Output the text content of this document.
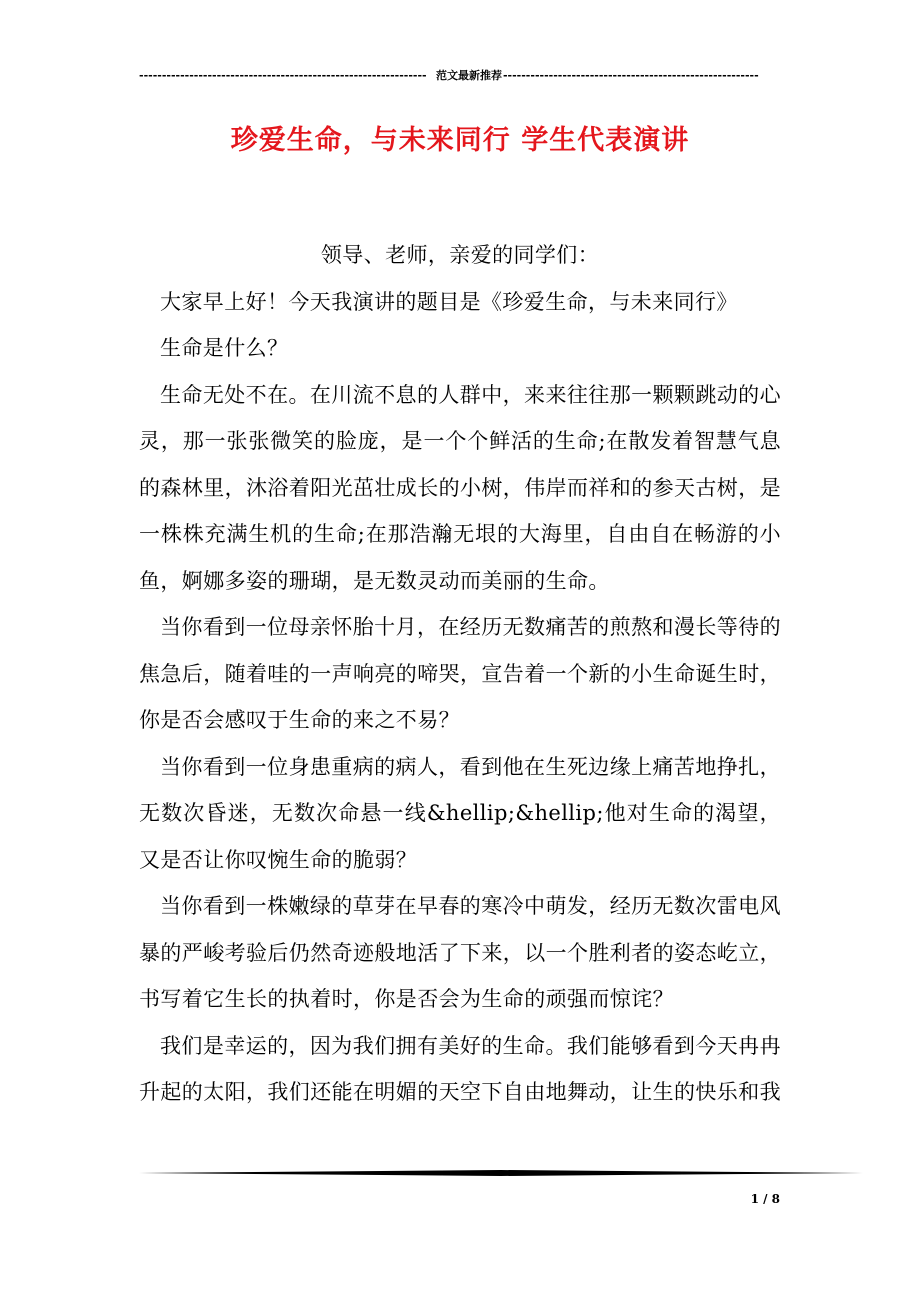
--------------------------------------------------------------- 范文最新推荐 --------------------------------------------------------
珍爱生命，与未来同行 学生代表演讲

领导、老师，亲爱的同学们：

大家早上好！今天我演讲的题目是《珍爱生命，与未来同行》

生命是什么？

生命无处不在。在川流不息的人群中，来来往往那一颗颗跳动的心灵，那一张张微笑的脸庞，是一个个鲜活的生命;在散发着智慧气息的森林里，沐浴着阳光茁壮成长的小树，伟岸而祥和的参天古树，是一株株充满生机的生命;在那浩瀚无垠的大海里，自由自在畅游的小鱼，婀娜多姿的珊瑚，是无数灵动而美丽的生命。

当你看到一位母亲怀胎十月，在经历无数痛苦的煎熬和漫长等待的焦急后，随着哇的一声响亮的啼哭，宣告着一个新的小生命诞生时，你是否会感叹于生命的来之不易？

当你看到一位身患重病的病人，看到他在生死边缘上痛苦地挣扎，无数次昏迷，无数次命悬一线&hellip;&hellip;他对生命的渴望，又是否让你叹惋生命的脆弱？

当你看到一株嫩绿的草芽在早春的寒冷中萌发，经历无数次雷电风暴的严峻考验后仍然奇迹般地活了下来，以一个胜利者的姿态屹立，书写着它生长的执着时，你是否会为生命的顽强而惊诧？

我们是幸运的，因为我们拥有美好的生命。我们能够看到今天冉冉升起的太阳，我们还能在明媚的天空下自由地舞动，让生的快乐和我

1 / 8
